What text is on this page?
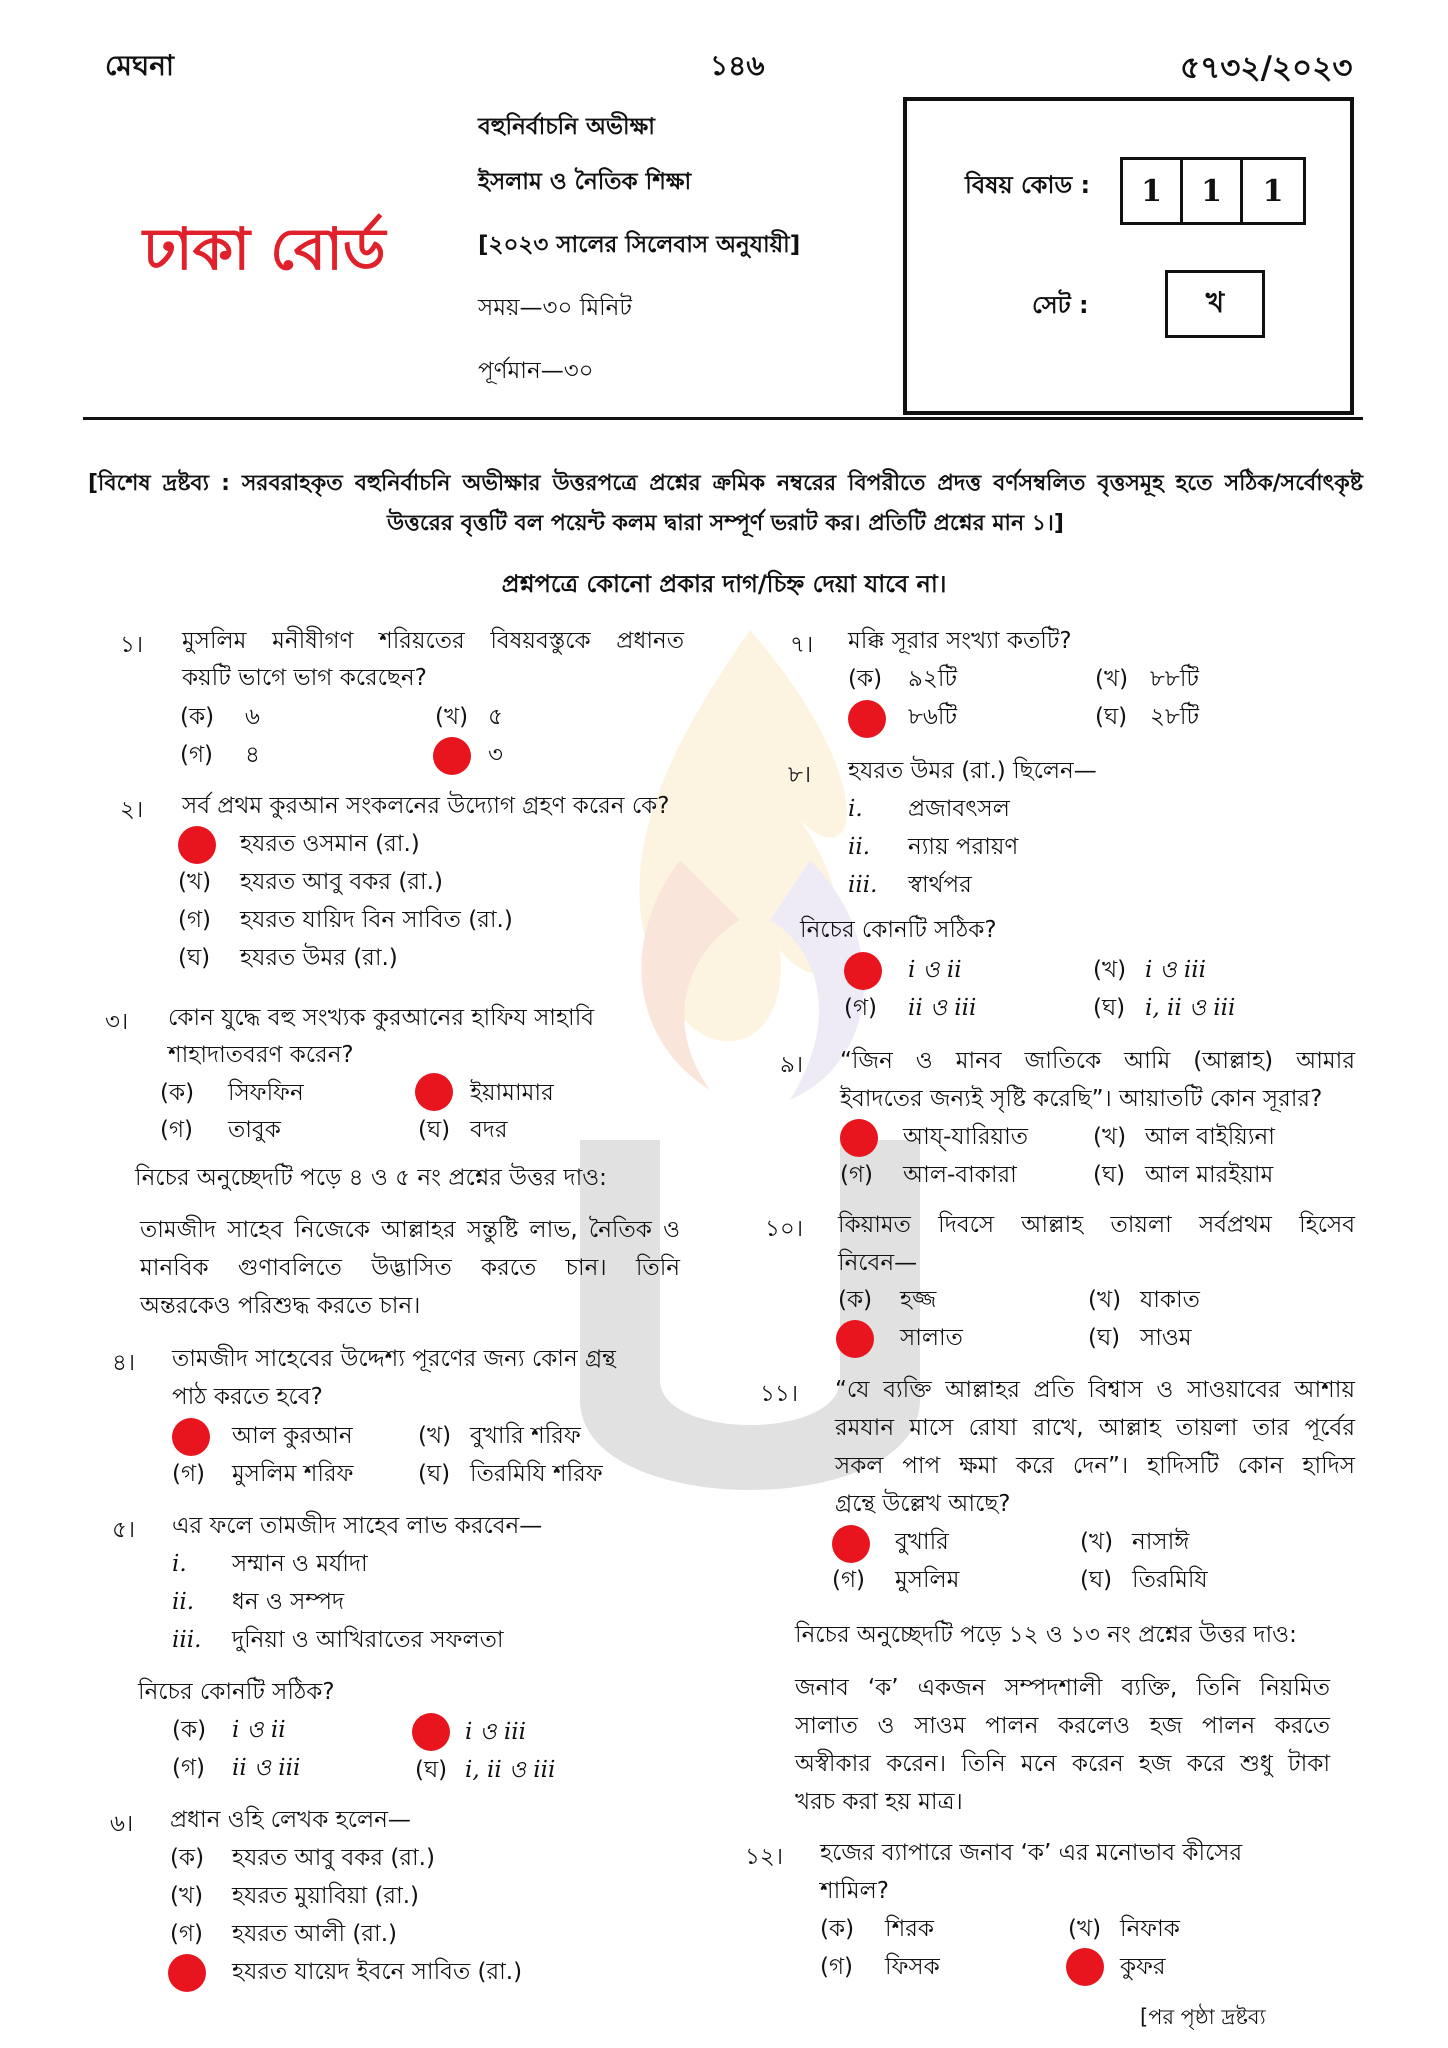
মেঘনা	১৪৬	৫৭৩২/২০২৩
বহুনির্বাচনি অভীক্ষা
ইসলাম ও নৈতিক শিক্ষা
[২০২৩ সালের সিলেবাস অনুযায়ী]
সময়—৩০ মিনিট
পূর্ণমান—৩০
ঢাকা বোর্ড
বিষয় কোড :	1	1	1
সেট :	খ
[বিশেষ দ্রষ্টব্য : সরবরাহকৃত বহুনির্বাচনি অভীক্ষার উত্তরপত্রে প্রশ্নের ক্রমিক নম্বরের বিপরীতে প্রদত্ত বর্ণসম্বলিত বৃত্তসমূহ হতে সঠিক/সর্বোৎকৃষ্ট উত্তরের বৃত্তটি বল পয়েন্ট কলম দ্বারা সম্পূর্ণ ভরাট কর। প্রতিটি প্রশ্নের মান ১।]
প্রশ্নপত্রে কোনো প্রকার দাগ/চিহ্ন দেয়া যাবে না।
১। মুসলিম মনীষীগণ শরিয়তের বিষয়বস্তুকে প্রধানত
কয়টি ভাগে ভাগ করেছেন?
(ক) ৬	(খ) ৫
(গ) ৪	৩
২। সর্ব প্রথম কুরআন সংকলনের উদ্যোগ গ্রহণ করেন কে?
হযরত ওসমান (রা.)
(খ) হযরত আবু বকর (রা.)
(গ) হযরত যায়িদ বিন সাবিত (রা.)
(ঘ) হযরত উমর (রা.)
৩। কোন যুদ্ধে বহু সংখ্যক কুরআনের হাফিয সাহাবি
শাহাদাতবরণ করেন?
(ক) সিফফিন	ইয়ামামার
(গ) তাবুক	(ঘ) বদর
নিচের অনুচ্ছেদটি পড়ে ৪ ও ৫ নং প্রশ্নের উত্তর দাও:
তামজীদ সাহেব নিজেকে আল্লাহর সন্তুষ্টি লাভ, নৈতিক ও
মানবিক গুণাবলিতে উদ্ভাসিত করতে চান। তিনি
অন্তরকেও পরিশুদ্ধ করতে চান।
৪। তামজীদ সাহেবের উদ্দেশ্য পূরণের জন্য কোন গ্রন্থ
পাঠ করতে হবে?
আল কুরআন	(খ) বুখারি শরিফ
(গ) মুসলিম শরিফ	(ঘ) তিরমিযি শরিফ
৫। এর ফলে তামজীদ সাহেব লাভ করবেন—
i. সম্মান ও মর্যাদা
ii. ধন ও সম্পদ
iii. দুনিয়া ও আখিরাতের সফলতা
নিচের কোনটি সঠিক?
(ক) i ও ii	i ও iii
(গ) ii ও iii	(ঘ) i, ii ও iii
৬। প্রধান ওহি লেখক হলেন—
(ক) হযরত আবু বকর (রা.)
(খ) হযরত মুয়াবিয়া (রা.)
(গ) হযরত আলী (রা.)
হযরত যায়েদ ইবনে সাবিত (রা.)
৭। মক্কি সূরার সংখ্যা কতটি?
(ক) ৯২টি	(খ) ৮৮টি
৮৬টি	(ঘ) ২৮টি
৮। হযরত উমর (রা.) ছিলেন—
i. প্রজাবৎসল
ii. ন্যায় পরায়ণ
iii. স্বার্থপর
নিচের কোনটি সঠিক?
i ও ii	(খ) i ও iii
(গ) ii ও iii	(ঘ) i, ii ও iii
৯। “জিন ও মানব জাতিকে আমি (আল্লাহ) আমার
ইবাদতের জন্যই সৃষ্টি করেছি”। আয়াতটি কোন সূরার?
আয্-যারিয়াত	(খ) আল বাইয়্যিনা
(গ) আল-বাকারা	(ঘ) আল মারইয়াম
১০। কিয়ামত দিবসে আল্লাহ তায়লা সর্বপ্রথম হিসেব
নিবেন—
(ক) হজ্জ	(খ) যাকাত
সালাত	(ঘ) সাওম
১১। “যে ব্যক্তি আল্লাহর প্রতি বিশ্বাস ও সাওয়াবের আশায়
রমযান মাসে রোযা রাখে, আল্লাহ তায়লা তার পূর্বের
সকল পাপ ক্ষমা করে দেন”। হাদিসটি কোন হাদিস
গ্রন্থে উল্লেখ আছে?
বুখারি	(খ) নাসাঈ
(গ) মুসলিম	(ঘ) তিরমিযি
নিচের অনুচ্ছেদটি পড়ে ১২ ও ১৩ নং প্রশ্নের উত্তর দাও:
জনাব ‘ক’ একজন সম্পদশালী ব্যক্তি, তিনি নিয়মিত
সালাত ও সাওম পালন করলেও হজ পালন করতে
অস্বীকার করেন। তিনি মনে করেন হজ করে শুধু টাকা
খরচ করা হয় মাত্র।
১২। হজের ব্যাপারে জনাব ‘ক’ এর মনোভাব কীসের
শামিল?
(ক) শিরক	(খ) নিফাক
(গ) ফিসক	কুফর
[পর পৃষ্ঠা দ্রষ্টব্য
